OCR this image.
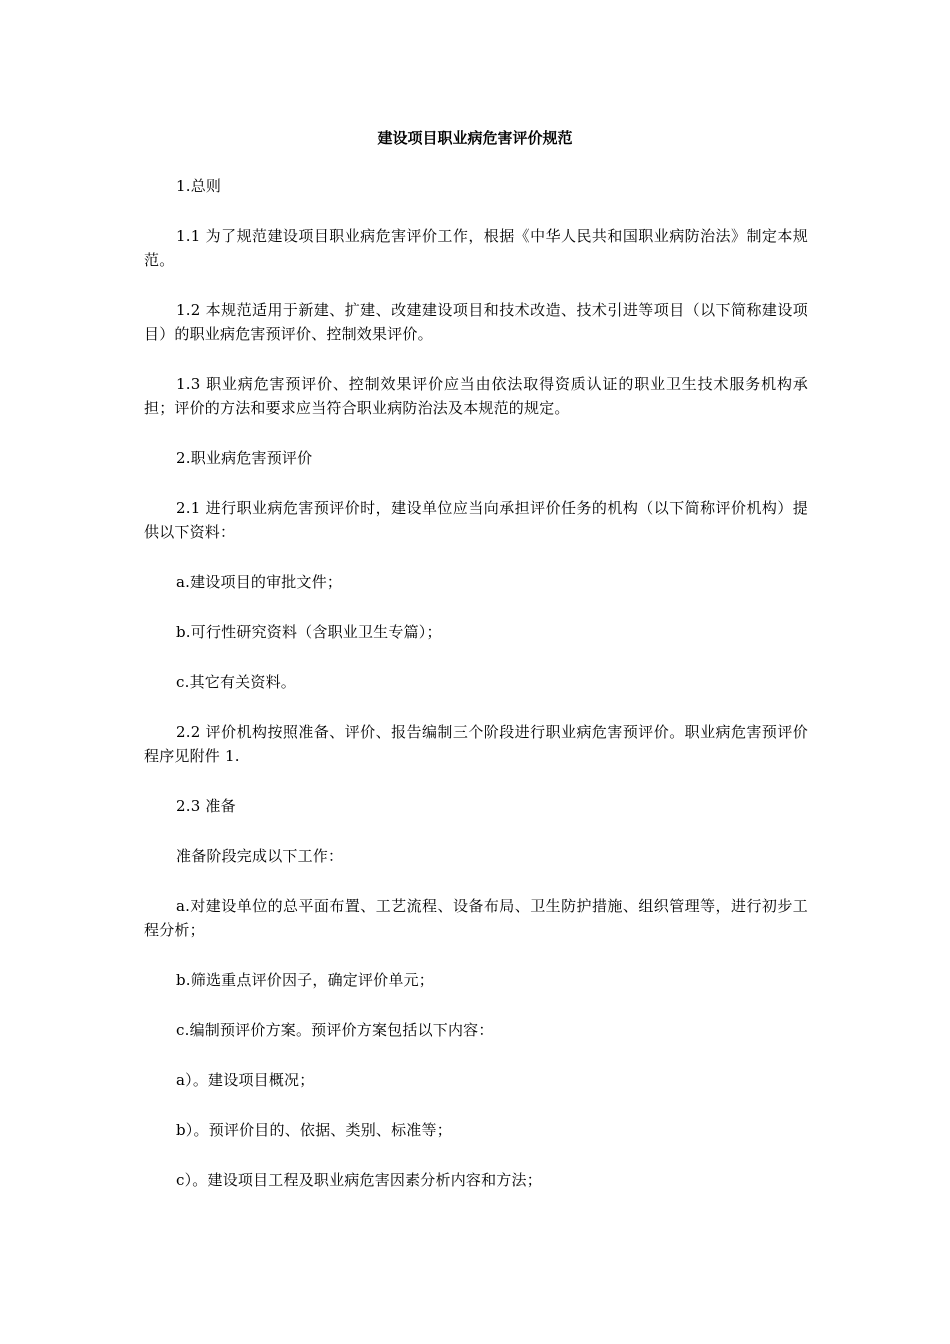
建设项目职业病危害评价规范

1.总则

1.1 为了规范建设项目职业病危害评价工作，根据《中华人民共和国职业病防治法》制定本规范。

1.2 本规范适用于新建、扩建、改建建设项目和技术改造、技术引进等项目（以下简称建设项目）的职业病危害预评价、控制效果评价。

1.3 职业病危害预评价、控制效果评价应当由依法取得资质认证的职业卫生技术服务机构承担；评价的方法和要求应当符合职业病防治法及本规范的规定。

2.职业病危害预评价

2.1 进行职业病危害预评价时，建设单位应当向承担评价任务的机构（以下简称评价机构）提供以下资料：

a.建设项目的审批文件；

b.可行性研究资料（含职业卫生专篇）；

c.其它有关资料。

2.2 评价机构按照准备、评价、报告编制三个阶段进行职业病危害预评价。职业病危害预评价程序见附件 1.

2.3 准备

准备阶段完成以下工作：

a.对建设单位的总平面布置、工艺流程、设备布局、卫生防护措施、组织管理等，进行初步工程分析；

b.筛选重点评价因子，确定评价单元；

c.编制预评价方案。预评价方案包括以下内容：

a）。建设项目概况；

b）。预评价目的、依据、类别、标准等；

c）。建设项目工程及职业病危害因素分析内容和方法；
